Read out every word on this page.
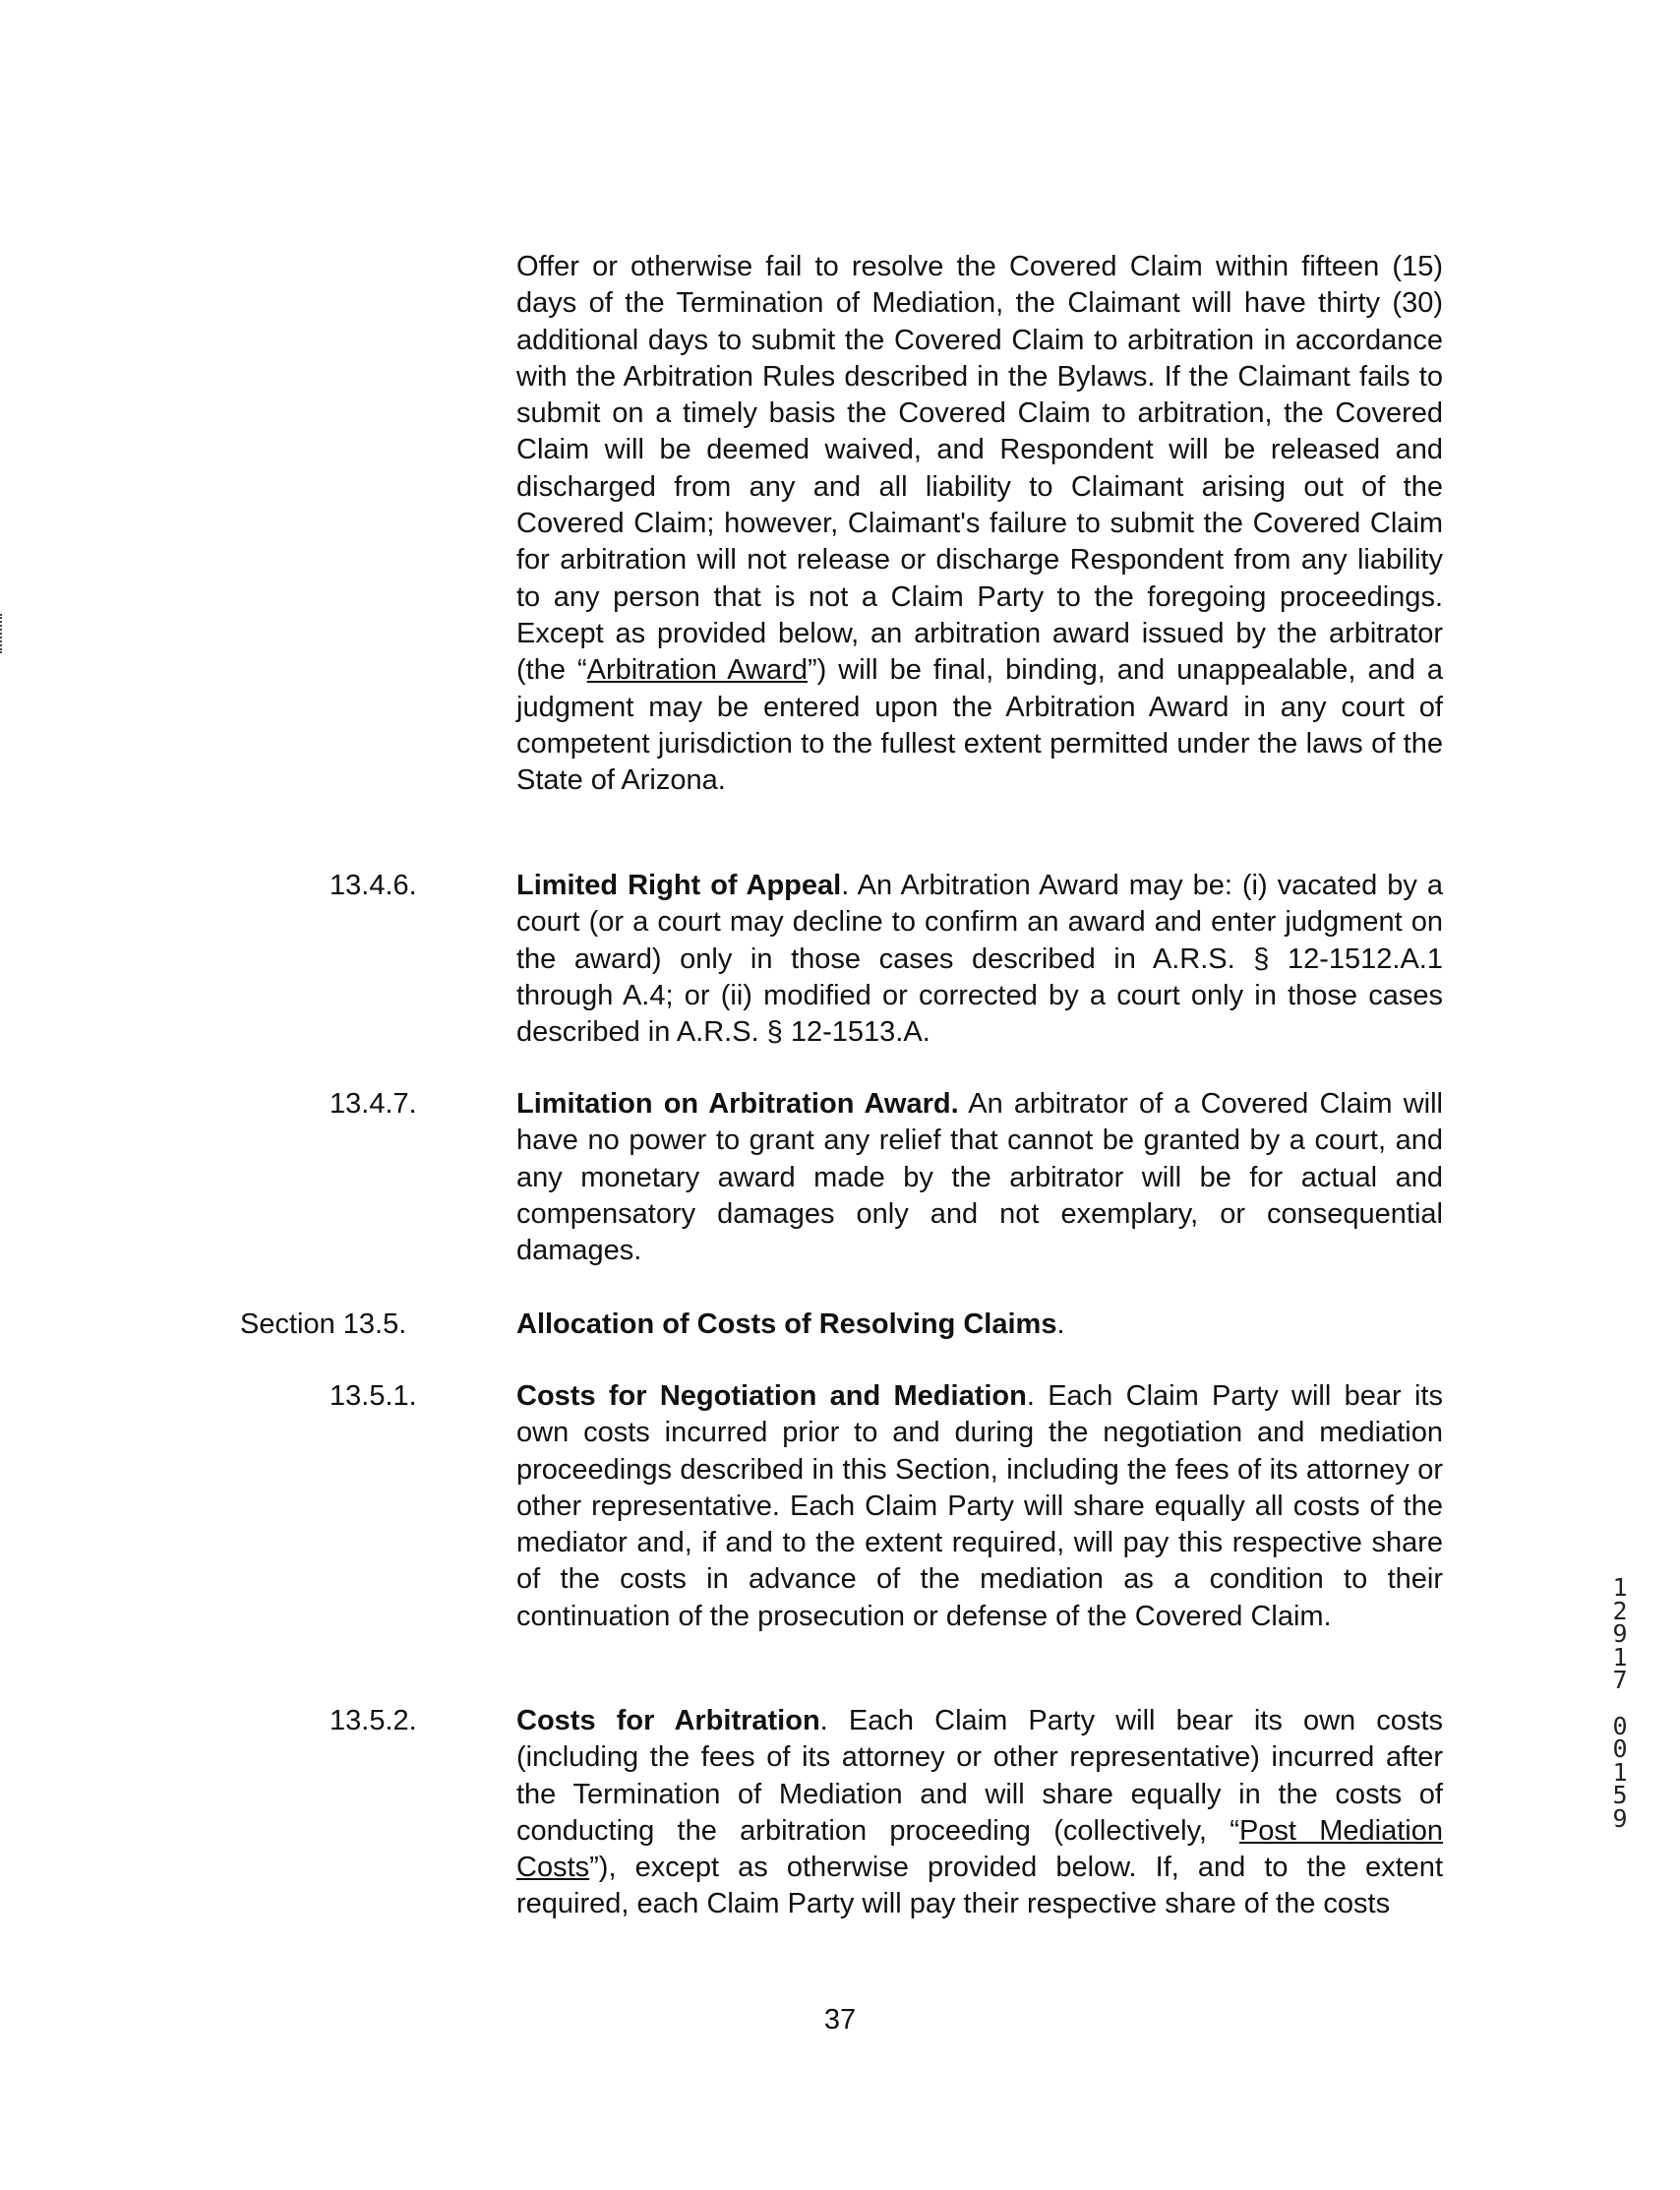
Offer or otherwise fail to resolve the Covered Claim within fifteen (15) days of the Termination of Mediation, the Claimant will have thirty (30) additional days to submit the Covered Claim to arbitration in accordance with the Arbitration Rules described in the Bylaws. If the Claimant fails to submit on a timely basis the Covered Claim to arbitration, the Covered Claim will be deemed waived, and Respondent will be released and discharged from any and all liability to Claimant arising out of the Covered Claim; however, Claimant's failure to submit the Covered Claim for arbitration will not release or discharge Respondent from any liability to any person that is not a Claim Party to the foregoing proceedings. Except as provided below, an arbitration award issued by the arbitrator (the “Arbitration Award”) will be final, binding, and unappealable, and a judgment may be entered upon the Arbitration Award in any court of competent jurisdiction to the fullest extent permitted under the laws of the State of Arizona.
13.4.6.	Limited Right of Appeal. An Arbitration Award may be: (i) vacated by a court (or a court may decline to confirm an award and enter judgment on the award) only in those cases described in A.R.S. § 12-1512.A.1 through A.4; or (ii) modified or corrected by a court only in those cases described in A.R.S. § 12-1513.A.
13.4.7.	Limitation on Arbitration Award. An arbitrator of a Covered Claim will have no power to grant any relief that cannot be granted by a court, and any monetary award made by the arbitrator will be for actual and compensatory damages only and not exemplary, or consequential damages.
Section 13.5.	Allocation of Costs of Resolving Claims.
13.5.1.	Costs for Negotiation and Mediation. Each Claim Party will bear its own costs incurred prior to and during the negotiation and mediation proceedings described in this Section, including the fees of its attorney or other representative. Each Claim Party will share equally all costs of the mediator and, if and to the extent required, will pay this respective share of the costs in advance of the mediation as a condition to their continuation of the prosecution or defense of the Covered Claim.
13.5.2.	Costs for Arbitration. Each Claim Party will bear its own costs (including the fees of its attorney or other representative) incurred after the Termination of Mediation and will share equally in the costs of conducting the arbitration proceeding (collectively, “Post Mediation Costs”), except as otherwise provided below. If, and to the extent required, each Claim Party will pay their respective share of the costs
37
1
2
9
1
7
0
0
1
5
9
